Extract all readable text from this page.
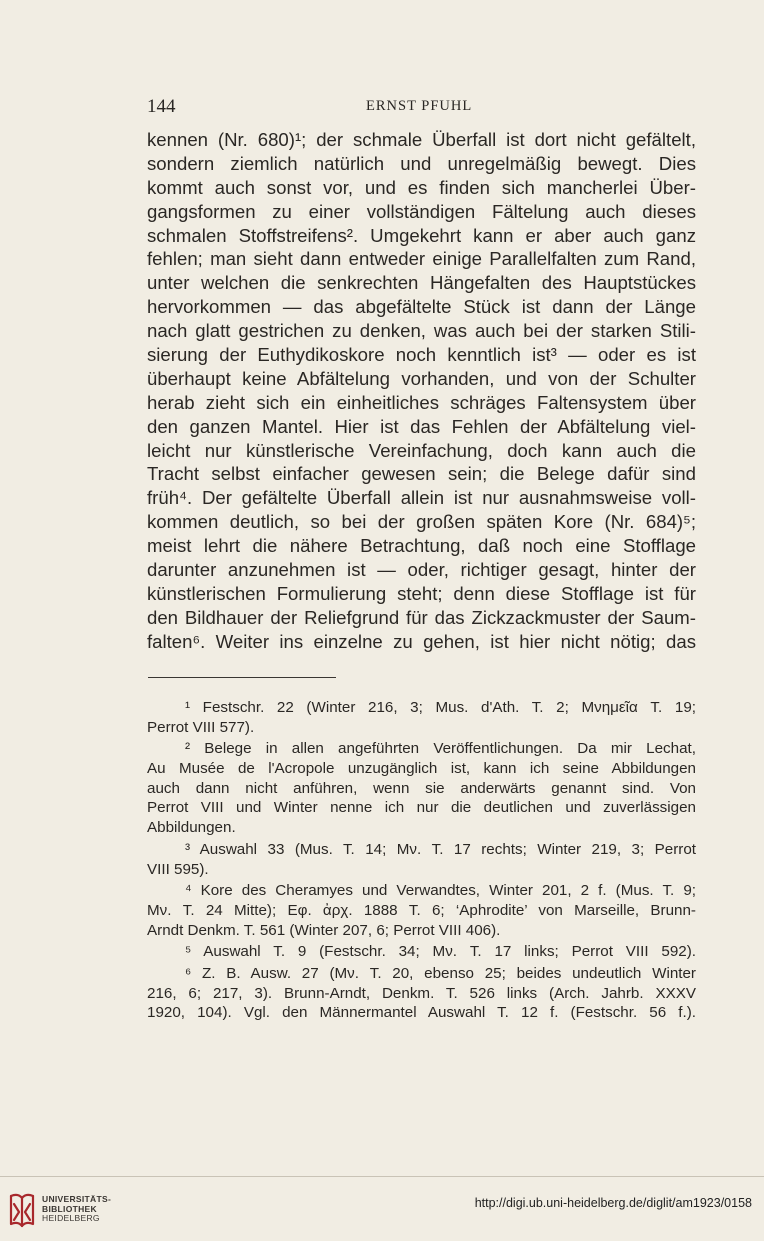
144	ERNST PFUHL
kennen (Nr. 680)¹; der schmale Überfall ist dort nicht gefältelt,
sondern ziemlich natürlich und unregelmäßig bewegt. Dies
kommt auch sonst vor, und es finden sich mancherlei Über-
gangsformen zu einer vollständigen Fältelung auch dieses
schmalen Stoffstreifens². Umgekehrt kann er aber auch ganz
fehlen; man sieht dann entweder einige Parallelfalten zum Rand,
unter welchen die senkrechten Hängefalten des Hauptstückes
hervorkommen — das abgefältelte Stück ist dann der Länge
nach glatt gestrichen zu denken, was auch bei der starken Stili-
sierung der Euthydikoskore noch kenntlich ist³ — oder es ist
überhaupt keine Abfältelung vorhanden, und von der Schulter
herab zieht sich ein einheitliches schräges Faltensystem über
den ganzen Mantel. Hier ist das Fehlen der Abfältelung viel-
leicht nur künstlerische Vereinfachung, doch kann auch die
Tracht selbst einfacher gewesen sein; die Belege dafür sind
früh⁴. Der gefältelte Überfall allein ist nur ausnahmsweise voll-
kommen deutlich, so bei der großen späten Kore (Nr. 684)⁵;
meist lehrt die nähere Betrachtung, daß noch eine Stofflage
darunter anzunehmen ist — oder, richtiger gesagt, hinter der
künstlerischen Formulierung steht; denn diese Stofflage ist für
den Bildhauer der Reliefgrund für das Zickzackmuster der Saum-
falten⁶. Weiter ins einzelne zu gehen, ist hier nicht nötig; das
¹ Festschr. 22 (Winter 216, 3; Mus. d'Ath. T. 2; Μνημεῖα T. 19;
Perrot VIII 577).
² Belege in allen angeführten Veröffentlichungen. Da mir Lechat,
Au Musée de l'Acropole unzugänglich ist, kann ich seine Abbildungen
auch dann nicht anführen, wenn sie anderwärts genannt sind. Von
Perrot VIII und Winter nenne ich nur die deutlichen und zuverlässigen
Abbildungen.
³ Auswahl 33 (Mus. T. 14; Μν. T. 17 rechts; Winter 219, 3; Perrot
VIII 595).
⁴ Kore des Cheramyes und Verwandtes, Winter 201, 2 f. (Mus. T. 9;
Μν. T. 24 Mitte); Εφ. ἀρχ. 1888 T. 6; ‘Aphrodite’ von Marseille, Brunn-
Arndt Denkm. T. 561 (Winter 207, 6; Perrot VIII 406).
⁵ Auswahl T. 9 (Festschr. 34; Μν. T. 17 links; Perrot VIII 592).
⁶ Z. B. Ausw. 27 (Μν. T. 20, ebenso 25; beides undeutlich Winter
216, 6; 217, 3). Brunn-Arndt, Denkm. T. 526 links (Arch. Jahrb. XXXV
1920, 104). Vgl. den Männermantel Auswahl T. 12 f. (Festschr. 56 f.).
UNIVERSITÄTS-
BIBLIOTHEK
HEIDELBERG
http://digi.ub.uni-heidelberg.de/diglit/am1923/0158
